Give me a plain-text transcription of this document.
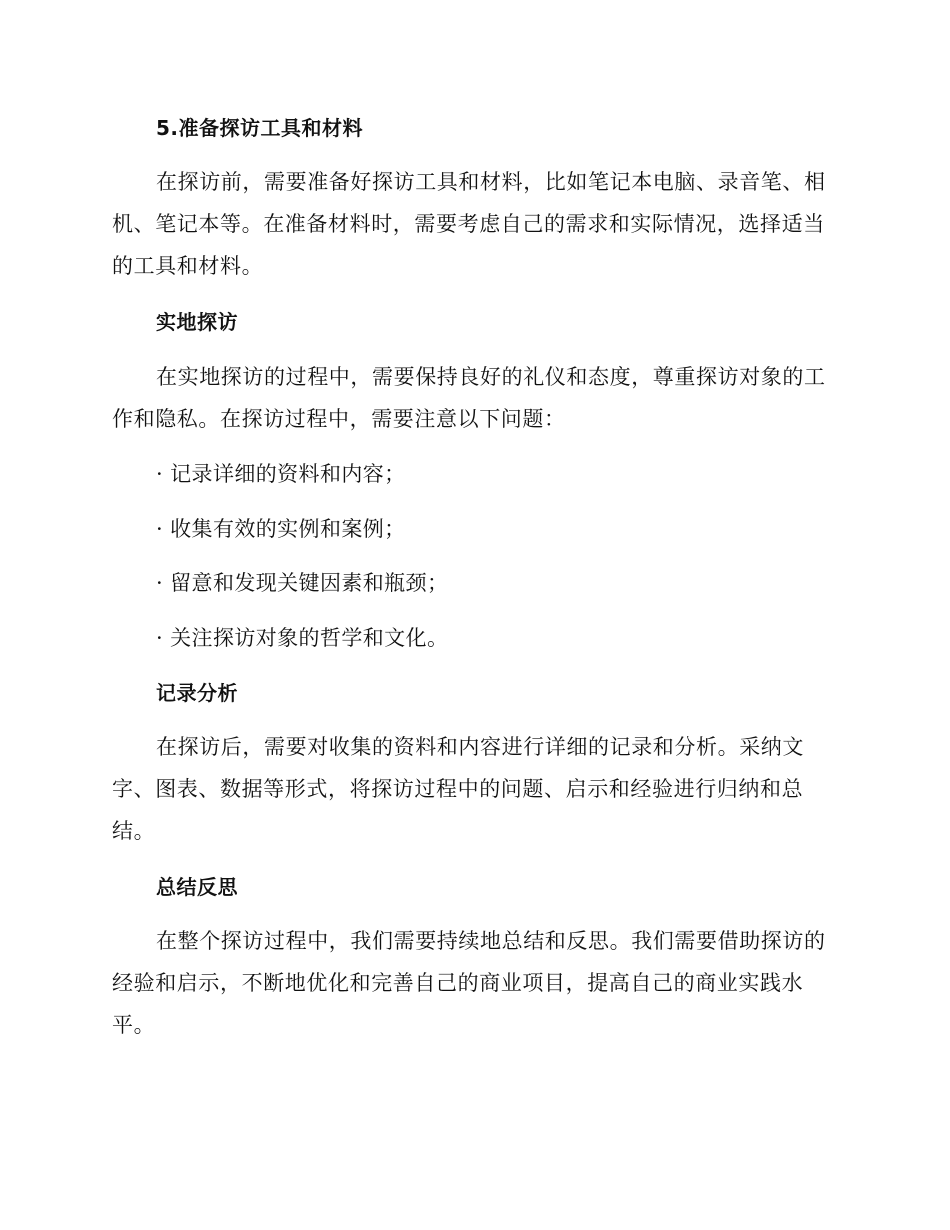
5.准备探访工具和材料

在探访前，需要准备好探访工具和材料，比如笔记本电脑、录音笔、相机、笔记本等。在准备材料时，需要考虑自己的需求和实际情况，选择适当的工具和材料。

实地探访

在实地探访的过程中，需要保持良好的礼仪和态度，尊重探访对象的工作和隐私。在探访过程中，需要注意以下问题：

· 记录详细的资料和内容；
· 收集有效的实例和案例；
· 留意和发现关键因素和瓶颈；
· 关注探访对象的哲学和文化。
记录分析

在探访后，需要对收集的资料和内容进行详细的记录和分析。采纳文字、图表、数据等形式，将探访过程中的问题、启示和经验进行归纳和总结。

总结反思

在整个探访过程中，我们需要持续地总结和反思。我们需要借助探访的经验和启示，不断地优化和完善自己的商业项目，提高自己的商业实践水平。
